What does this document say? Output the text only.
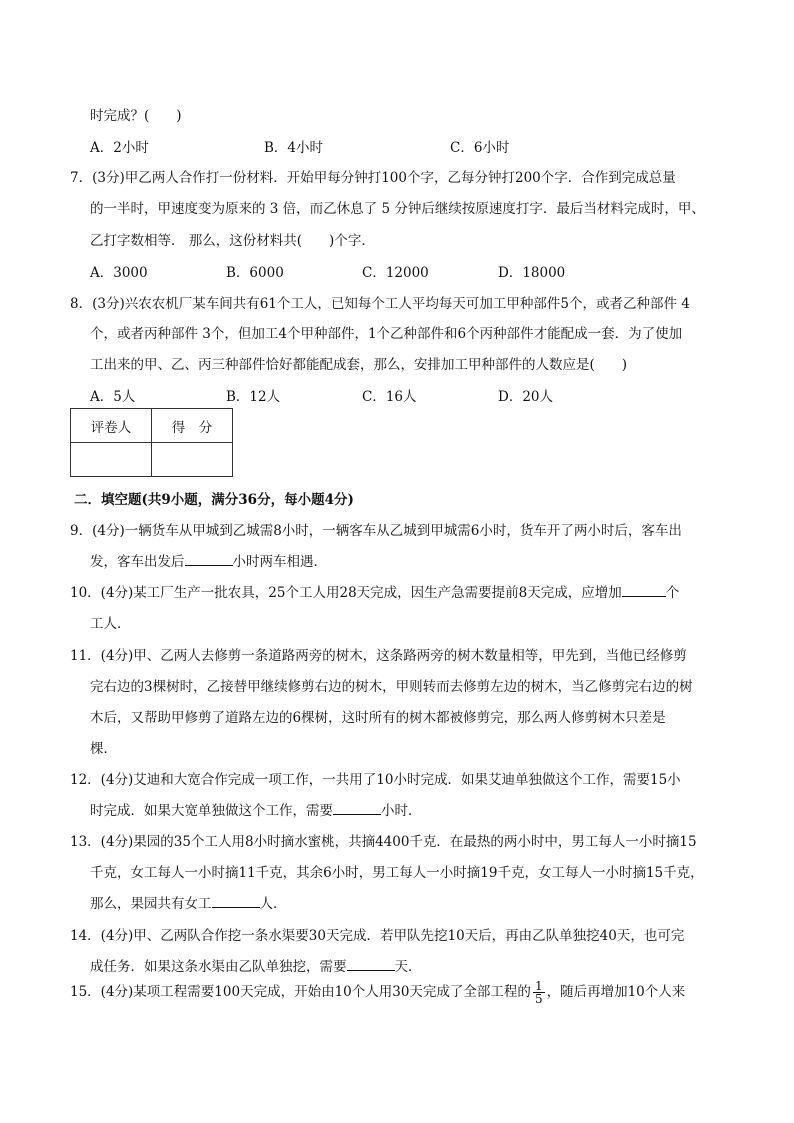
时完成？(　　)
A．2小时	B．4小时	C．6小时
7．(3分)甲乙两人合作打一份材料．开始甲每分钟打100个字，乙每分钟打200个字．合作到完成总量
的一半时，甲速度变为原来的 3 倍，而乙休息了 5 分钟后继续按原速度打字．最后当材料完成时，甲、
乙打字数相等． 那么，这份材料共(　　)个字．
A．3000	B．6000	C．12000	D．18000
8．(3分)兴农农机厂某车间共有61个工人，已知每个工人平均每天可加工甲种部件5个，或者乙种部件 4
个，或者丙种部件 3个，但加工4个甲种部件，1个乙种部件和6个丙种部件才能配成一套．为了使加
工出来的甲、乙、丙三种部件恰好都能配成套，那么，安排加工甲种部件的人数应是(　　)
A．5人	B．12人	C．16人	D．20人
评卷人	得　分

二．填空题(共9小题，满分36分，每小题4分)
9．(4分)一辆货车从甲城到乙城需8小时，一辆客车从乙城到甲城需6小时，货车开了两小时后，客车出
发，客车出发后	小时两车相遇．
10．(4分)某工厂生产一批农具，25个工人用28天完成，因生产急需要提前8天完成，应增加	个
工人．
11．(4分)甲、乙两人去修剪一条道路两旁的树木，这条路两旁的树木数量相等，甲先到，当他已经修剪
完右边的3棵树时，乙接替甲继续修剪右边的树木，甲则转而去修剪左边的树木，当乙修剪完右边的树
木后，又帮助甲修剪了道路左边的6棵树，这时所有的树木都被修剪完，那么两人修剪树木只差是
棵．
12．(4分)艾迪和大宽合作完成一项工作，一共用了10小时完成．如果艾迪单独做这个工作，需要15小
时完成．如果大宽单独做这个工作，需要	小时．
13．(4分)果园的35个工人用8小时摘水蜜桃，共摘4400千克．在最热的两小时中，男工每人一小时摘15
千克，女工每人一小时摘11千克，其余6小时，男工每人一小时摘19千克，女工每人一小时摘15千克，
那么，果园共有女工	人．
14．(4分)甲、乙两队合作挖一条水渠要30天完成．若甲队先挖10天后，再由乙队单独挖40天，也可完
成任务．如果这条水渠由乙队单独挖，需要	天．
15．(4分)某项工程需要100天完成，开始由10个人用30天完成了全部工程的 $\frac{1}{5}$ ，随后再增加10个人来
